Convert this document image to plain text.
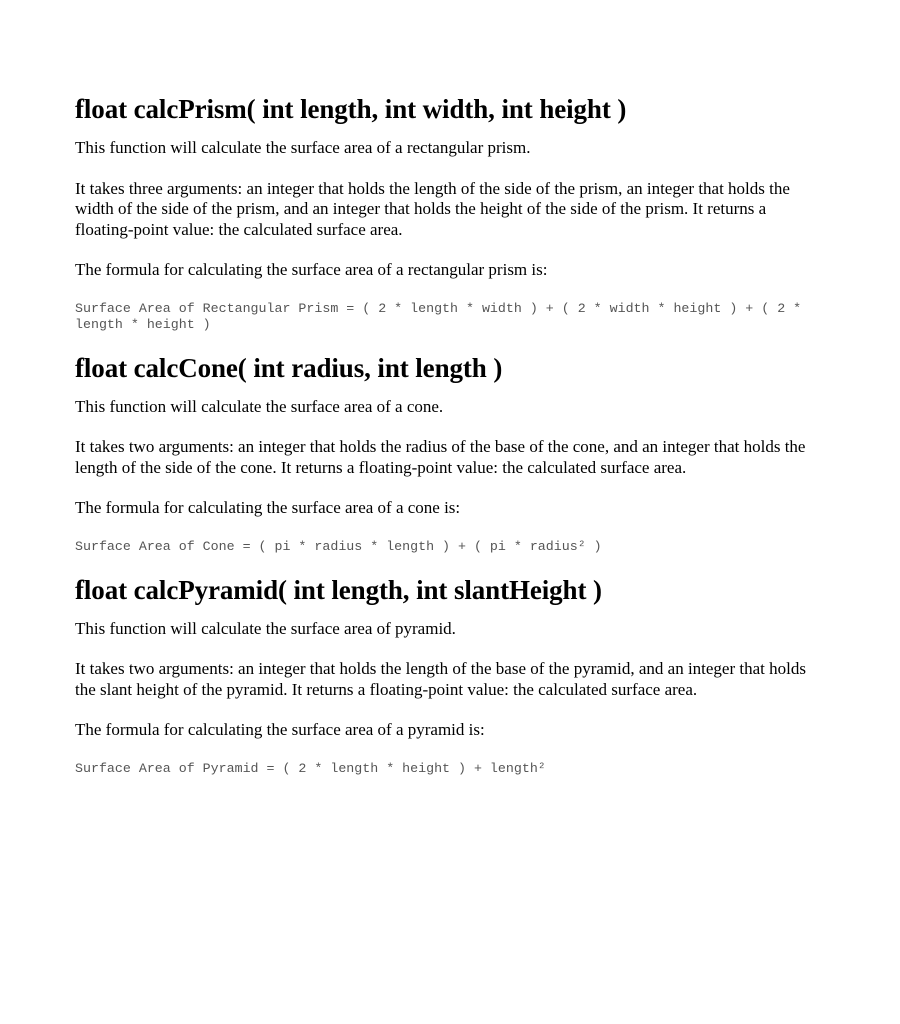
float calcPrism( int length, int width, int height )

This function will calculate the surface area of a rectangular prism.

It takes three arguments: an integer that holds the length of the side of the prism, an integer that holds the width of the side of the prism, and an integer that holds the height of the side of the prism. It returns a floating-point value: the calculated surface area.

The formula for calculating the surface area of a rectangular prism is:

Surface Area of Rectangular Prism = ( 2 * length * width ) + ( 2 * width * height ) + ( 2 * length * height )
float calcCone( int radius, int length )

This function will calculate the surface area of a cone.

It takes two arguments: an integer that holds the radius of the base of the cone, and an integer that holds the length of the side of the cone. It returns a floating-point value: the calculated surface area.

The formula for calculating the surface area of a cone is:

Surface Area of Cone = ( pi * radius * length ) + ( pi * radius² )
float calcPyramid( int length, int slantHeight )

This function will calculate the surface area of pyramid.

It takes two arguments: an integer that holds the length of the base of the pyramid, and an integer that holds the slant height of the pyramid. It returns a floating-point value: the calculated surface area.

The formula for calculating the surface area of a pyramid is:

Surface Area of Pyramid = ( 2 * length * height ) + length²
